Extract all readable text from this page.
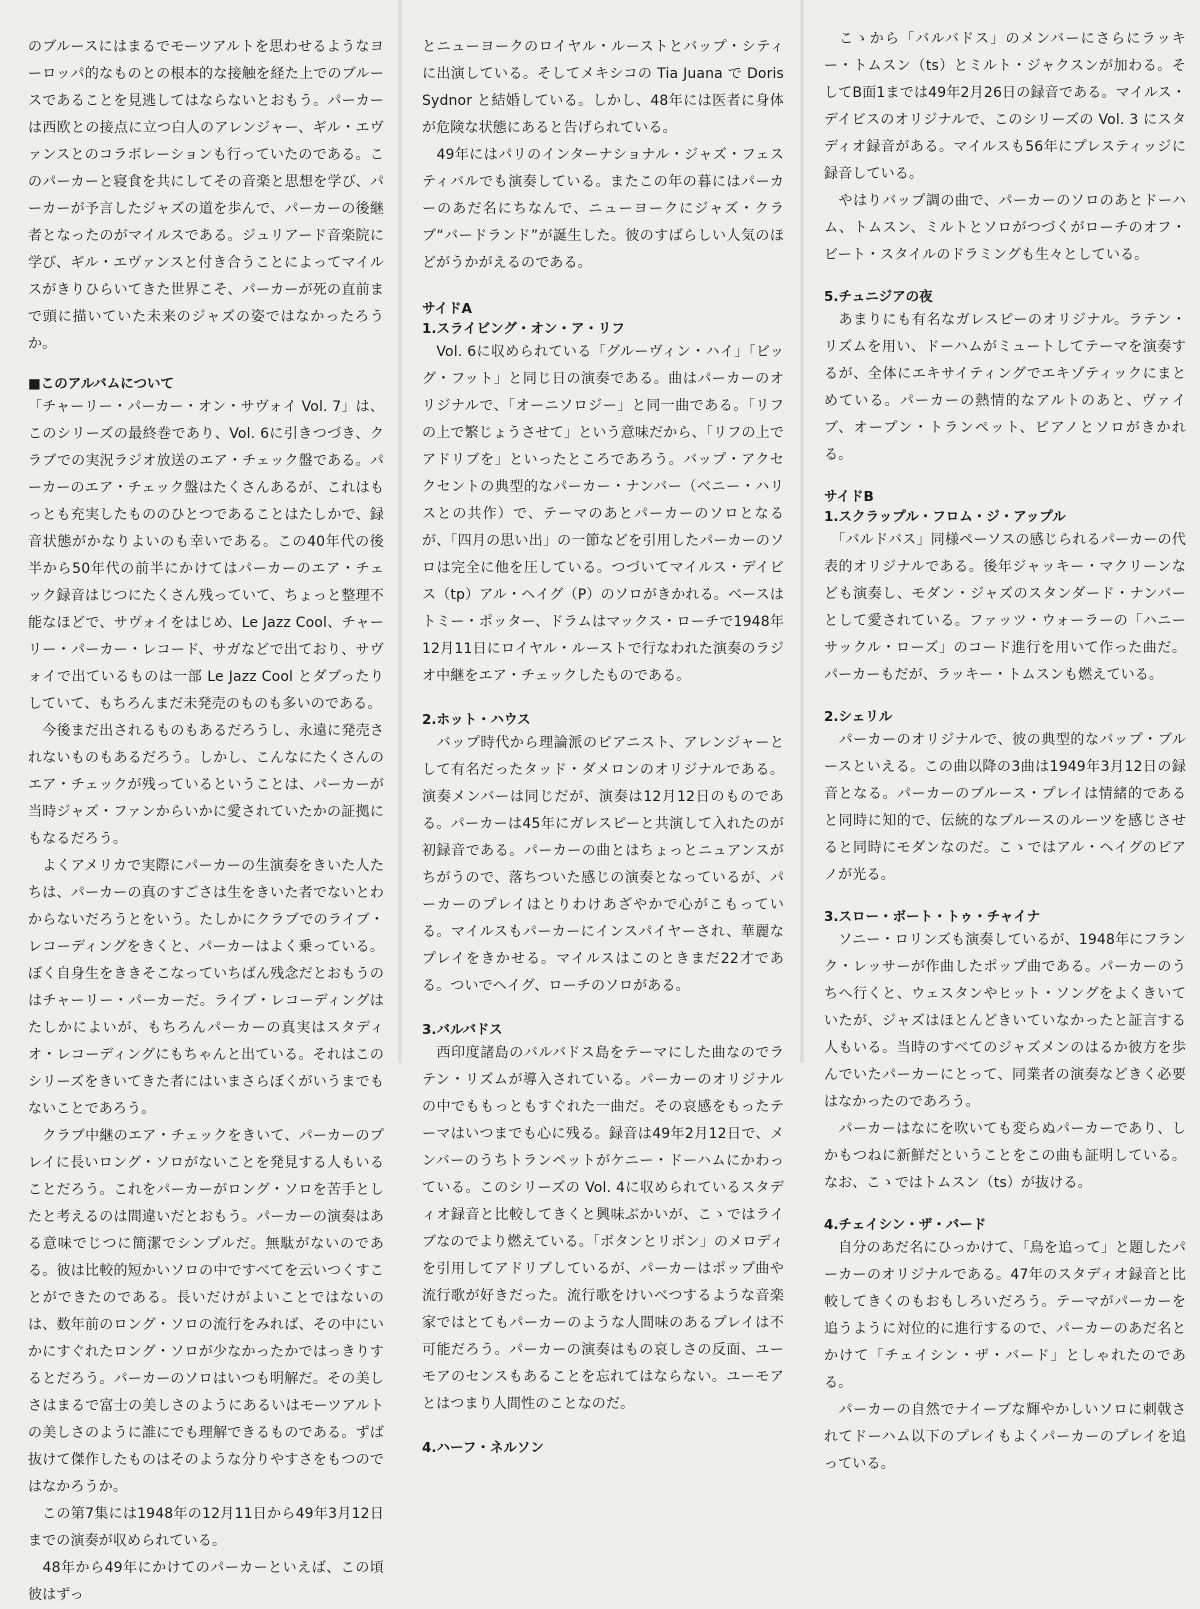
のブルースにはまるでモーツアルトを思わせるようなヨーロッパ的なものとの根本的な接触を経た上でのブルースであることを見逃してはならないとおもう。パーカーは西欧との接点に立つ白人のアレンジャー、ギル・エヴァンスとのコラボレーションも行っていたのである。このパーカーと寝食を共にしてその音楽と思想を学び、パーカーが予言したジャズの道を歩んで、パーカーの後継者となったのがマイルスである。ジュリアード音楽院に学び、ギル・エヴァンスと付き合うことによってマイルスがきりひらいてきた世界こそ、パーカーが死の直前まで頭に描いていた未来のジャズの姿ではなかったろうか。

■このアルバムについて

「チャーリー・パーカー・オン・サヴォイ Vol. 7」は、このシリーズの最終巻であり、Vol. 6に引きつづき、クラブでの実況ラジオ放送のエア・チェック盤である。パーカーのエア・チェック盤はたくさんあるが、これはもっとも充実したもののひとつであることはたしかで、録音状態がかなりよいのも幸いである。この40年代の後半から50年代の前半にかけてはパーカーのエア・チェック録音はじつにたくさん残っていて、ちょっと整理不能なほどで、サヴォイをはじめ、Le Jazz Cool、チャーリー・パーカー・レコード、サガなどで出ており、サヴォイで出ているものは一部 Le Jazz Cool とダブったりしていて、もちろんまだ未発売のものも多いのである。

　今後まだ出されるものもあるだろうし、永遠に発売されないものもあるだろう。しかし、こんなにたくさんのエア・チェックが残っているということは、パーカーが当時ジャズ・ファンからいかに愛されていたかの証拠にもなるだろう。

　よくアメリカで実際にパーカーの生演奏をきいた人たちは、パーカーの真のすごさは生をきいた者でないとわからないだろうとをいう。たしかにクラブでのライブ・レコーディングをきくと、パーカーはよく乗っている。ぼく自身生をききそこなっていちばん残念だとおもうのはチャーリー・パーカーだ。ライブ・レコーディングはたしかによいが、もちろんパーカーの真実はスタディオ・レコーディングにもちゃんと出ている。それはこのシリーズをきいてきた者にはいまさらぼくがいうまでもないことであろう。

　クラブ中継のエア・チェックをきいて、パーカーのプレイに長いロング・ソロがないことを発見する人もいることだろう。これをパーカーがロング・ソロを苦手としたと考えるのは間違いだとおもう。パーカーの演奏はある意味でじつに簡潔でシンプルだ。無駄がないのである。彼は比較的短かいソロの中ですべてを云いつくすことができたのである。長いだけがよいことではないのは、数年前のロング・ソロの流行をみれば、その中にいかにすぐれたロング・ソロが少なかったかではっきりするとだろう。パーカーのソロはいつも明解だ。その美しさはまるで富士の美しさのようにあるいはモーツアルトの美しさのように誰にでも理解できるものである。ずば抜けて傑作したものはそのような分りやすさをもつのではなかろうか。

　この第7集には1948年の12月11日から49年3月12日までの演奏が収められている。

　48年から49年にかけてのパーカーといえば、この頃彼はずっ

とニューヨークのロイヤル・ルーストとバップ・シティに出演している。そしてメキシコの Tia Juana で Doris Sydnor と結婚している。しかし、48年には医者に身体が危険な状態にあると告げられている。

　49年にはパリのインターナショナル・ジャズ・フェスティバルでも演奏している。またこの年の暮にはパーカーのあだ名にちなんで、ニューヨークにジャズ・クラブ“バードランド”が誕生した。彼のすばらしい人気のほどがうかがえるのである。

サイドA

1.スライビング・オン・ア・リフ

　Vol. 6に収められている「グルーヴィン・ハイ」「ビッグ・フット」と同じ日の演奏である。曲はパーカーのオリジナルで、「オーニソロジー」と同一曲である。「リフの上で繁じょうさせて」という意味だから、「リフの上でアドリブを」といったところであろう。バップ・アクセクセントの典型的なパーカー・ナンバー（ベニー・ハリスとの共作）で、テーマのあとパーカーのソロとなるが、「四月の思い出」の一節などを引用したパーカーのソロは完全に他を圧している。つづいてマイルス・デイビス（tp）アル・ヘイグ（P）のソロがきかれる。ベースはトミー・ポッター、ドラムはマックス・ローチで1948年12月11日にロイヤル・ルーストで行なわれた演奏のラジオ中継をエア・チェックしたものである。

2.ホット・ハウス

　バップ時代から理論派のピアニスト、アレンジャーとして有名だったタッド・ダメロンのオリジナルである。演奏メンバーは同じだが、演奏は12月12日のものである。パーカーは45年にガレスピーと共演して入れたのが初録音である。パーカーの曲とはちょっとニュアンスがちがうので、落ちついた感じの演奏となっているが、パーカーのプレイはとりわけあざやかで心がこもっている。マイルスもパーカーにインスパイヤーされ、華麗なプレイをきかせる。マイルスはこのときまだ22才である。ついでヘイグ、ローチのソロがある。

3.バルバドス

　西印度諸島のバルバドス島をテーマにした曲なのでラテン・リズムが導入されている。パーカーのオリジナルの中でももっともすぐれた一曲だ。その哀感をもったテーマはいつまでも心に残る。録音は49年2月12日で、メンバーのうちトランペットがケニー・ドーハムにかわっている。このシリーズの Vol. 4に収められているスタディオ録音と比較してきくと興味ぶかいが、こゝではライブなのでより燃えている。「ボタンとリボン」のメロディを引用してアドリブしているが、パーカーはポップ曲や流行歌が好きだった。流行歌をけいべつするような音楽家ではとてもパーカーのような人間味のあるプレイは不可能だろう。パーカーの演奏はもの哀しさの反面、ユーモアのセンスもあることを忘れてはならない。ユーモアとはつまり人間性のことなのだ。

4.ハーフ・ネルソン

　こゝから「バルバドス」のメンバーにさらにラッキー・トムスン（ts）とミルト・ジャクスンが加わる。そしてB面1までは49年2月26日の録音である。マイルス・デイビスのオリジナルで、このシリーズの Vol. 3 にスタディオ録音がある。マイルスも56年にプレスティッジに録音している。

　やはりバップ調の曲で、パーカーのソロのあとドーハム、トムスン、ミルトとソロがつづくがローチのオフ・ビート・スタイルのドラミングも生々としている。

5.チュニジアの夜

　あまりにも有名なガレスピーのオリジナル。ラテン・リズムを用い、ドーハムがミュートしてテーマを演奏するが、全体にエキサイティングでエキゾティックにまとめている。パーカーの熱情的なアルトのあと、ヴァイブ、オープン・トランペット、ピアノとソロがきかれる。

サイドB

1.スクラップル・フロム・ジ・アップル

　「バルドバス」同様ペーソスの感じられるパーカーの代表的オリジナルである。後年ジャッキー・マクリーンなども演奏し、モダン・ジャズのスタンダード・ナンバーとして愛されている。ファッツ・ウォーラーの「ハニーサックル・ローズ」のコード進行を用いて作った曲だ。パーカーもだが、ラッキー・トムスンも燃えている。

2.シェリル

　パーカーのオリジナルで、彼の典型的なバップ・ブルースといえる。この曲以降の3曲は1949年3月12日の録音となる。パーカーのブルース・プレイは情緒的であると同時に知的で、伝統的なブルースのルーツを感じさせると同時にモダンなのだ。こゝではアル・ヘイグのピアノが光る。

3.スロー・ボート・トゥ・チャイナ

　ソニー・ロリンズも演奏しているが、1948年にフランク・レッサーが作曲したポップ曲である。パーカーのうちへ行くと、ウェスタンやヒット・ソングをよくきいていたが、ジャズはほとんどきいていなかったと証言する人もいる。当時のすべてのジャズメンのはるか彼方を歩んでいたパーカーにとって、同業者の演奏などきく必要はなかったのであろう。

　パーカーはなにを吹いても変らぬパーカーであり、しかもつねに新鮮だということをこの曲も証明している。なお、こゝではトムスン（ts）が抜ける。

4.チェイシン・ザ・バード

　自分のあだ名にひっかけて、「鳥を追って」と題したパーカーのオリジナルである。47年のスタディオ録音と比較してきくのもおもしろいだろう。テーマがパーカーを追うように対位的に進行するので、パーカーのあだ名とかけて「チェイシン・ザ・バード」としゃれたのである。

　パーカーの自然でナイーブな輝やかしいソロに刺戟されてドーハム以下のプレイもよくパーカーのプレイを追っている。
